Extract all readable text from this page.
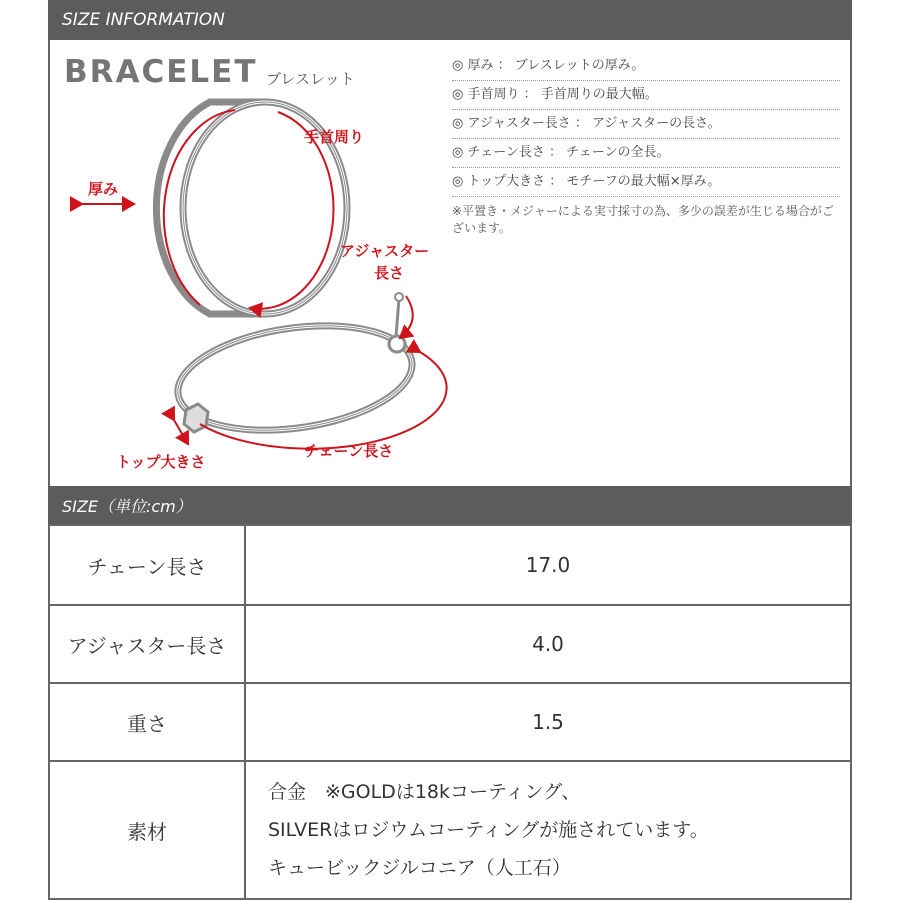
SIZE INFORMATION
BRACELET ブレスレット
厚み
手首周り
アジャスター
長さ
トップ大きさ
チェーン長さ
◎ 厚み ： ブレスレットの厚み。
◎ 手首周り ： 手首周りの最大幅。
◎ アジャスター長さ ： アジャスターの長さ。
◎ チェーン長さ ： チェーンの全長。
◎ トップ大きさ ： モチーフの最大幅×厚み。
※平置き・メジャーによる実寸採寸の為、多少の誤差が生じる場合がございます。
SIZE（単位:cm）
チェーン長さ	17.0
アジャスター長さ	4.0
重さ	1.5
素材	合金　※GOLDは18kコーティング、
SILVERはロジウムコーティングが施されています。
キュービックジルコニア（人工石）
